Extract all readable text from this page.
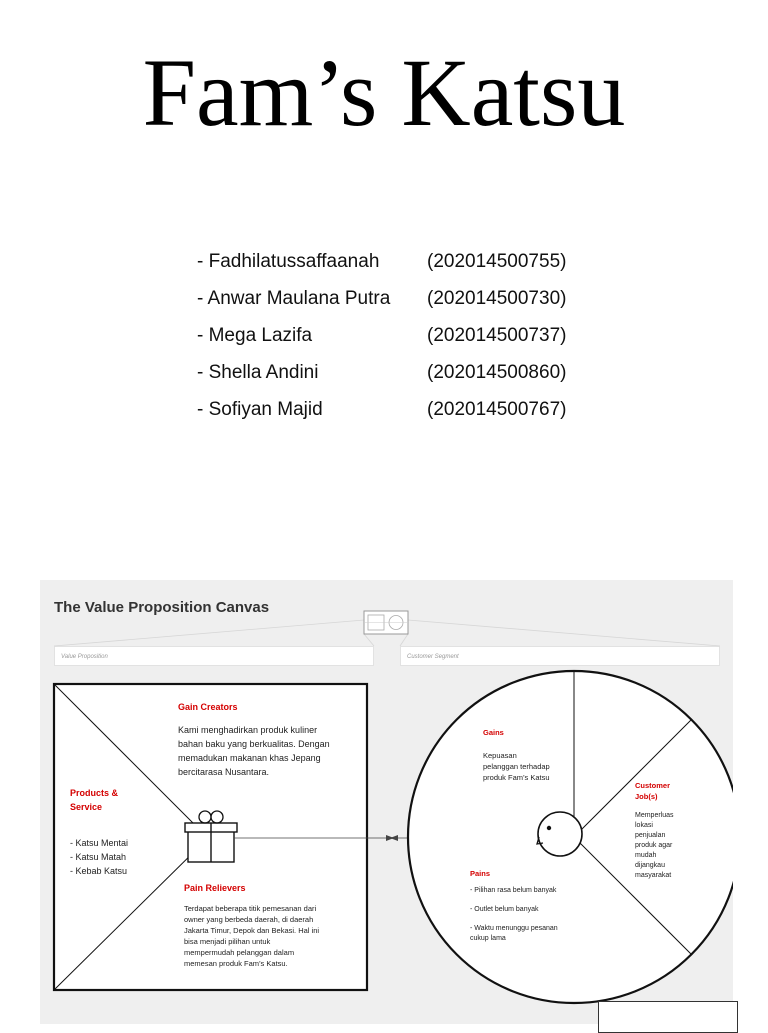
Fam’s Katsu
- Fadhilatussaffaanah	(202014500755)
- Anwar Maulana Putra (202014500730)
- Mega Lazifa	(202014500737)
- Shella Andini	(202014500860)
- Sofiyan Majid	(202014500767)
The Value Proposition Canvas
Value Proposition	Customer Segment
Gain Creators
Kami menghadirkan produk kuliner
bahan baku yang berkualitas. Dengan
memadukan makanan khas Jepang
bercitarasa Nusantara.
Products &
Service
- Katsu Mentai
- Katsu Matah
- Kebab Katsu
Pain Relievers
Terdapat beberapa titik pemesanan dari
owner yang berbeda daerah, di daerah
Jakarta Timur, Depok dan Bekasi. Hal ini
bisa menjadi pilihan untuk
mempermudah pelanggan dalam
memesan produk Fam’s Katsu.
Gains
Kepuasan
pelanggan terhadap
produk Fam’s Katsu
Customer
Job(s)
Memperluas
lokasi
penjualan
produk agar
mudah
dijangkau
masyarakat
Pains
- Pilihan rasa belum banyak
- Outlet belum banyak
- Waktu menunggu pesanan
cukup lama
